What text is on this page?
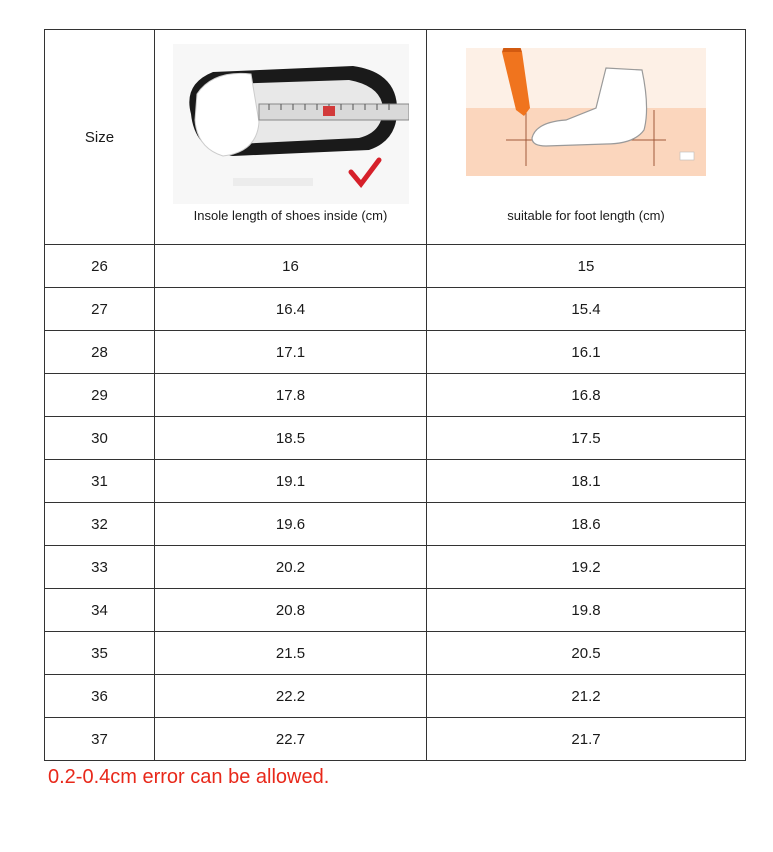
Size	Insole length of shoes inside (cm)	suitable for foot length (cm)

26	16	15
27	16.4	15.4
28	17.1	16.1
29	17.8	16.8
30	18.5	17.5
31	19.1	18.1
32	19.6	18.6
33	20.2	19.2
34	20.8	19.8
35	21.5	20.5
36	22.2	21.2
37	22.7	21.7
0.2-0.4cm error can be allowed.
